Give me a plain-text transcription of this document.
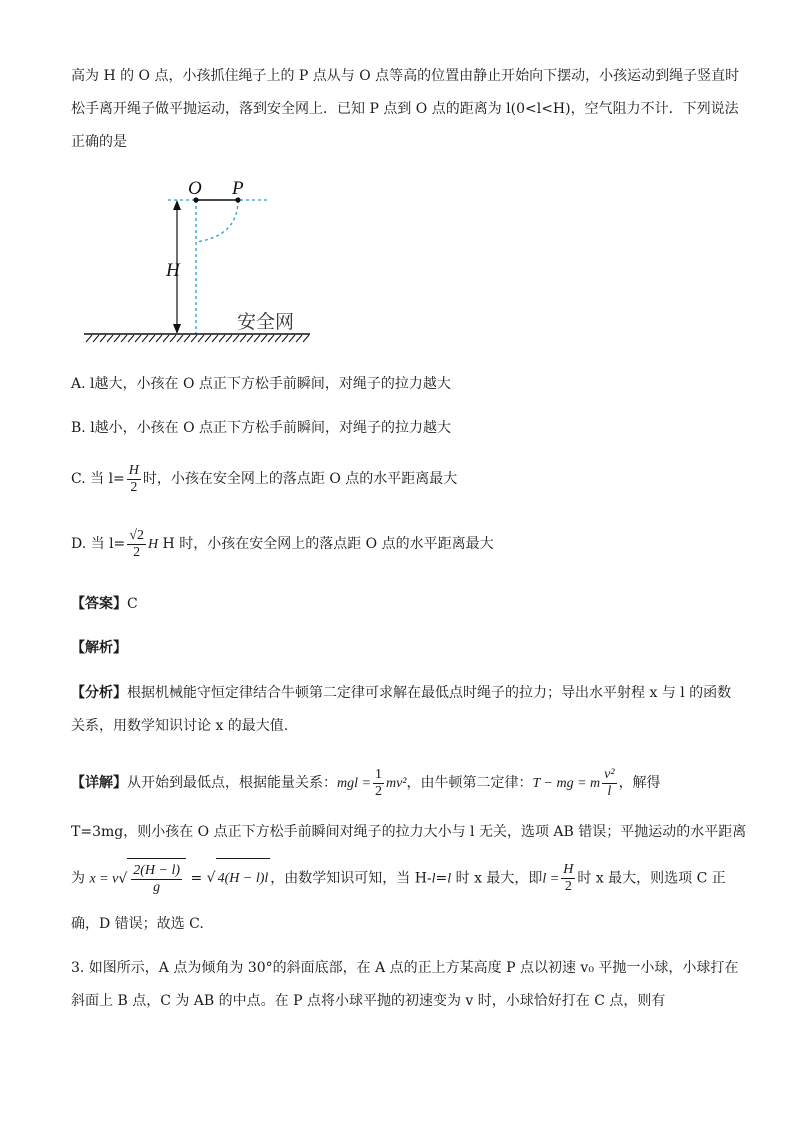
高为 H 的 O 点，小孩抓住绳子上的 P 点从与 O 点等高的位置由静止开始向下摆动，小孩运动到绳子竖直时
松手离开绳子做平抛运动，落到安全网上．已知 P 点到 O 点的距离为 l(0<l<H)，空气阻力不计．下列说法
正确的是
O P
H
安全网
A. l越大，小孩在 O 点正下方松手前瞬间，对绳子的拉力越大
B. l越小，小孩在 O 点正下方松手前瞬间，对绳子的拉力越大
C. 当 $l= \frac{H}{2}$ 时，小孩在安全网上的落点距 O 点的水平距离最大
D. 当 $l= \frac{√2}{2}$ H H 时，小孩在安全网上的落点距 O 点的水平距离最大
【答案】C
【解析】
【分析】根据机械能守恒定律结合牛顿第二定律可求解在最低点时绳子的拉力；导出水平射程 x 与 l 的函数
关系，用数学知识讨论 x 的最大值.
【详解】从开始到最低点，根据能量关系：mgl = $\frac{1}{2} mv^2$，由牛顿第二定律：T − mg = m $\frac{\text{v²}}{l}$ ，解得
T=3mg，则小孩在 O 点正下方松手前瞬间对绳子的拉力大小与 l 无关，选项 AB 错误；平抛运动的水平距离
为 $x = v√ \frac{2(H - l)}{g}$ = √ 4(H − l)l ，由数学知识可知，当 H-l=l 时 x 最大，即$l = \frac{H}{2}$ 时 x 最大，则选项 C 正
确，D 错误；故选 C.
3. 如图所示，A 点为倾角为 30°的斜面底部，在 A 点的正上方某高度 P 点以初速 v₀ 平抛一小球，小球打在
斜面上 B 点，C 为 AB 的中点。在 P 点将小球平抛的初速变为 v 时，小球恰好打在 C 点，则有
